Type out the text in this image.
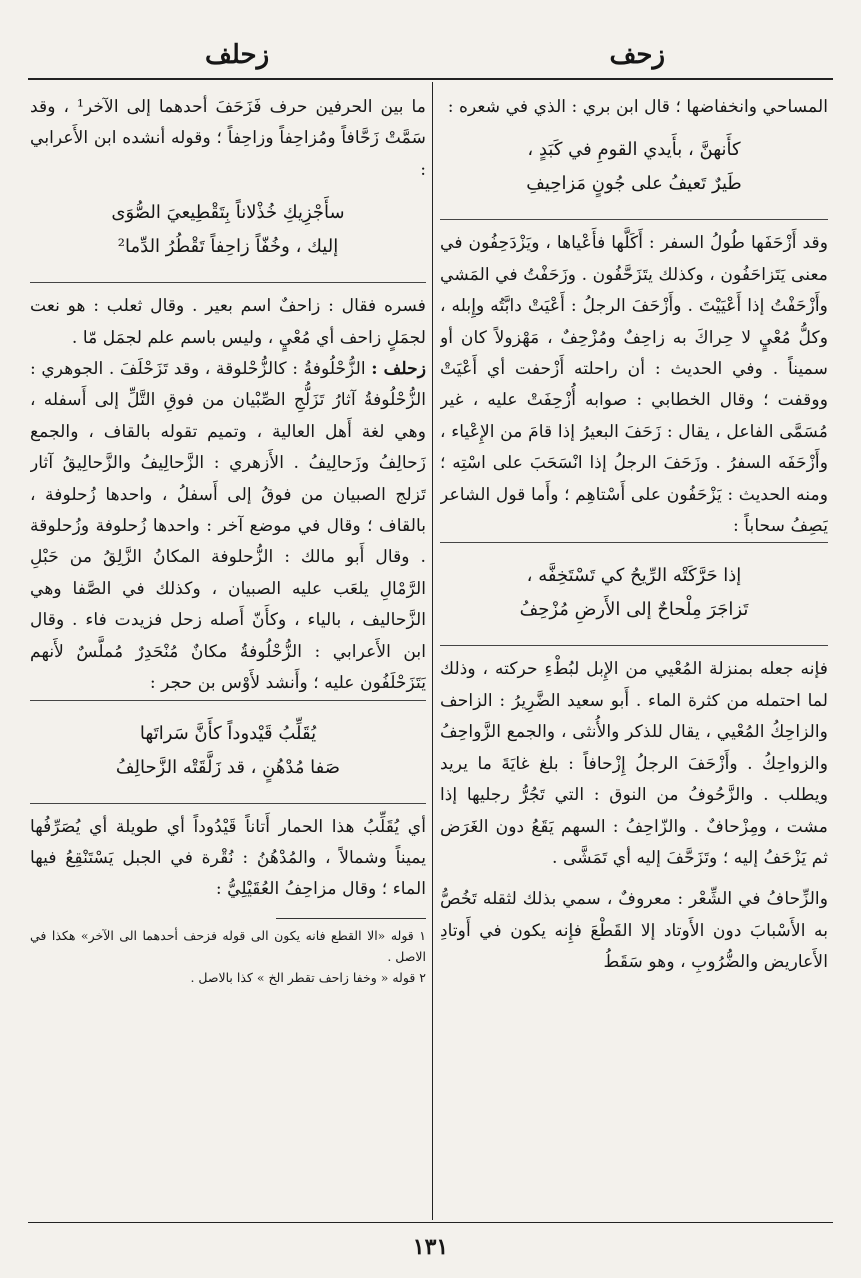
زحف
زحلف

المساحي وانخفاضها ؛ قال ابن بري : الذي في شعره :

كأَنهنَّ ، بأَيدي القومِ في كَبَدٍ ،
طَيرٌ تَعيفُ على جُونٍ مَزاحِيفِ

وقد أَزْحَفَها طُولُ السفر : أَكَلَّها فأَعْياها ، ويَزْدَحِفُون في معنى يَتَزاحَفُون ، وكذلك يتَزَحَّفُون . وزَحَفْتُ في المَشي وأَزْحَفْتُ إذا أَعْيَيْتَ . وأَزْحَفَ الرجلُ : أَعْيَتْ دابَّتُه وإِبله ، وكلُّ مُعْيٍ لا حِراكَ به زاحِفٌ ومُزْحِفٌ ، مَهْزولاً كان أو سميناً . وفي الحديث : أن راحلته أَزْحفت أي أَعْيَتْ ووقفت ؛ وقال الخطابي : صوابه أُزْحِفَتْ عليه ، غير مُسَمَّى الفاعل ، يقال : زَحَفَ البعيرُ إذا قامَ من الإِعْياء ، وأَزْحَفَه السفرُ . وزَحَفَ الرجلُ إذا انْسَحَبَ على اسْتِه ؛ ومنه الحديث : يَزْحَفُون على أَسْتاهِم ؛ وأَما قول الشاعر يَصِفُ سحاباً :

إذا حَرَّكَتْه الرِّيحُ كي تَسْتَخِفَّه ،
تَزاجَرَ مِلْحاحٌ إلى الأَرضِ مُزْحِفُ

فإنه جعله بمنزلة المُعْيي من الإِبل لبُطْءِ حركته ، وذلك لما احتمله من كثرة الماء . أَبو سعيد الضَّرِيرُ : الزاحف والزاحِكُ المُعْيي ، يقال للذكر والأُنثى ، والجمع الزَّواحِفُ والزواحِكُ . وأَزْحَفَ الرجلُ إِزْحافاً : بلغ غايَةَ ما يريد ويطلب . والزَّحُوفُ من النوق : التي تَجُرُّ رجليها إذا مشت ، ومِزْحافٌ . والزّاحِفُ : السهم يَقَعُ دون الغَرَض ثم يَزْحَفُ إليه ؛ وتَزَحَّفَ إليه أي تَمَشَّى .

والزِّحافُ في الشِّعْر : معروفٌ ، سمي بذلك لثقله تَخُصُّ به الأَسْبابَ دون الأَوتاد إلا القَطْعَ فإِنه يكون في أَوتادِ الأَعاريض والضُّرُوبِ ، وهو سَقَطُ

ما بين الحرفين حرف فَزَحَفَ أحدهما إلى الآخر¹ ، وقد سَمَّتْ زَحَّافاً ومُزاحِفاً وزاحِفاً ؛ وقوله أنشده ابن الأَعرابي :

سأَجْزِيكِ خُذْلاناً بِتَقْطِيعيَ الصُّوَى
إليك ، وخُفّاً زاحِفاً تَقْطُرُ الدِّما²

فسره فقال : زاحفٌ اسم بعير . وقال ثعلب : هو نعت لجمَلٍ زاحف أي مُعْيٍ ، وليس باسم علم لجمَل مّا .

زحلف : الزُّحْلُوفةُ : كالزُّحْلوقة ، وقد تَزَحْلَفَ . الجوهري : الزُّحْلُوفةُ آثارُ تَزَلُّجِ الصِّبْيان من فوقِ التَّلِّ إلى أَسفله ، وهي لغة أَهل العالية ، وتميم تقوله بالقاف ، والجمع زَحالِفُ وزَحالِيفُ . الأَزهري : الزَّحالِيفُ والزَّحالِيقُ آثار تَزلج الصبيان من فوقُ إلى أَسفلُ ، واحدها زُحلوفة ، بالقاف ؛ وقال في موضع آخر : واحدها زُحلوفة وزُحلوقة . وقال أَبو مالك : الزُّحلوفة المكانُ الزَّلِقُ من حَبْلِ الرَّمْالِ يلعَب عليه الصبيان ، وكذلك في الصَّفا وهي الزَّحاليف ، بالياء ، وكأَنّ أَصله زحل فزيدت فاء . وقال ابن الأَعرابي : الزُّحْلُوفةُ مكانٌ مُنْحَدِرٌ مُملَّسٌ لأَنهم يَتَزَحْلَفُون عليه ؛ وأَنشد لأَوْس بن حجر :

يُقَلِّبُ قَيْدوداً كأَنَّ سَراتَها
صَفا مُدْهُنٍ ، قد زَلَّقَتْه الزَّحالِفُ

أي يُقَلِّبُ هذا الحمار أَتاناً قَيْدُوداً أي طويلة أي يُصَرِّفُها يميناً وشمالاً ، والمُدْهُنُ : نُقْرة في الجبل يَسْتَنْقِعُ فيها الماء ؛ وقال مزاحِفُ العُقَيْلِيُّ :

١ قوله «الا القطع فانه يكون الى قوله فزحف أحدهما الى الآخر» هكذا في الاصل .

٢ قوله « وخفا زاحف تقطر الخ » كذا بالاصل .

١٣١
